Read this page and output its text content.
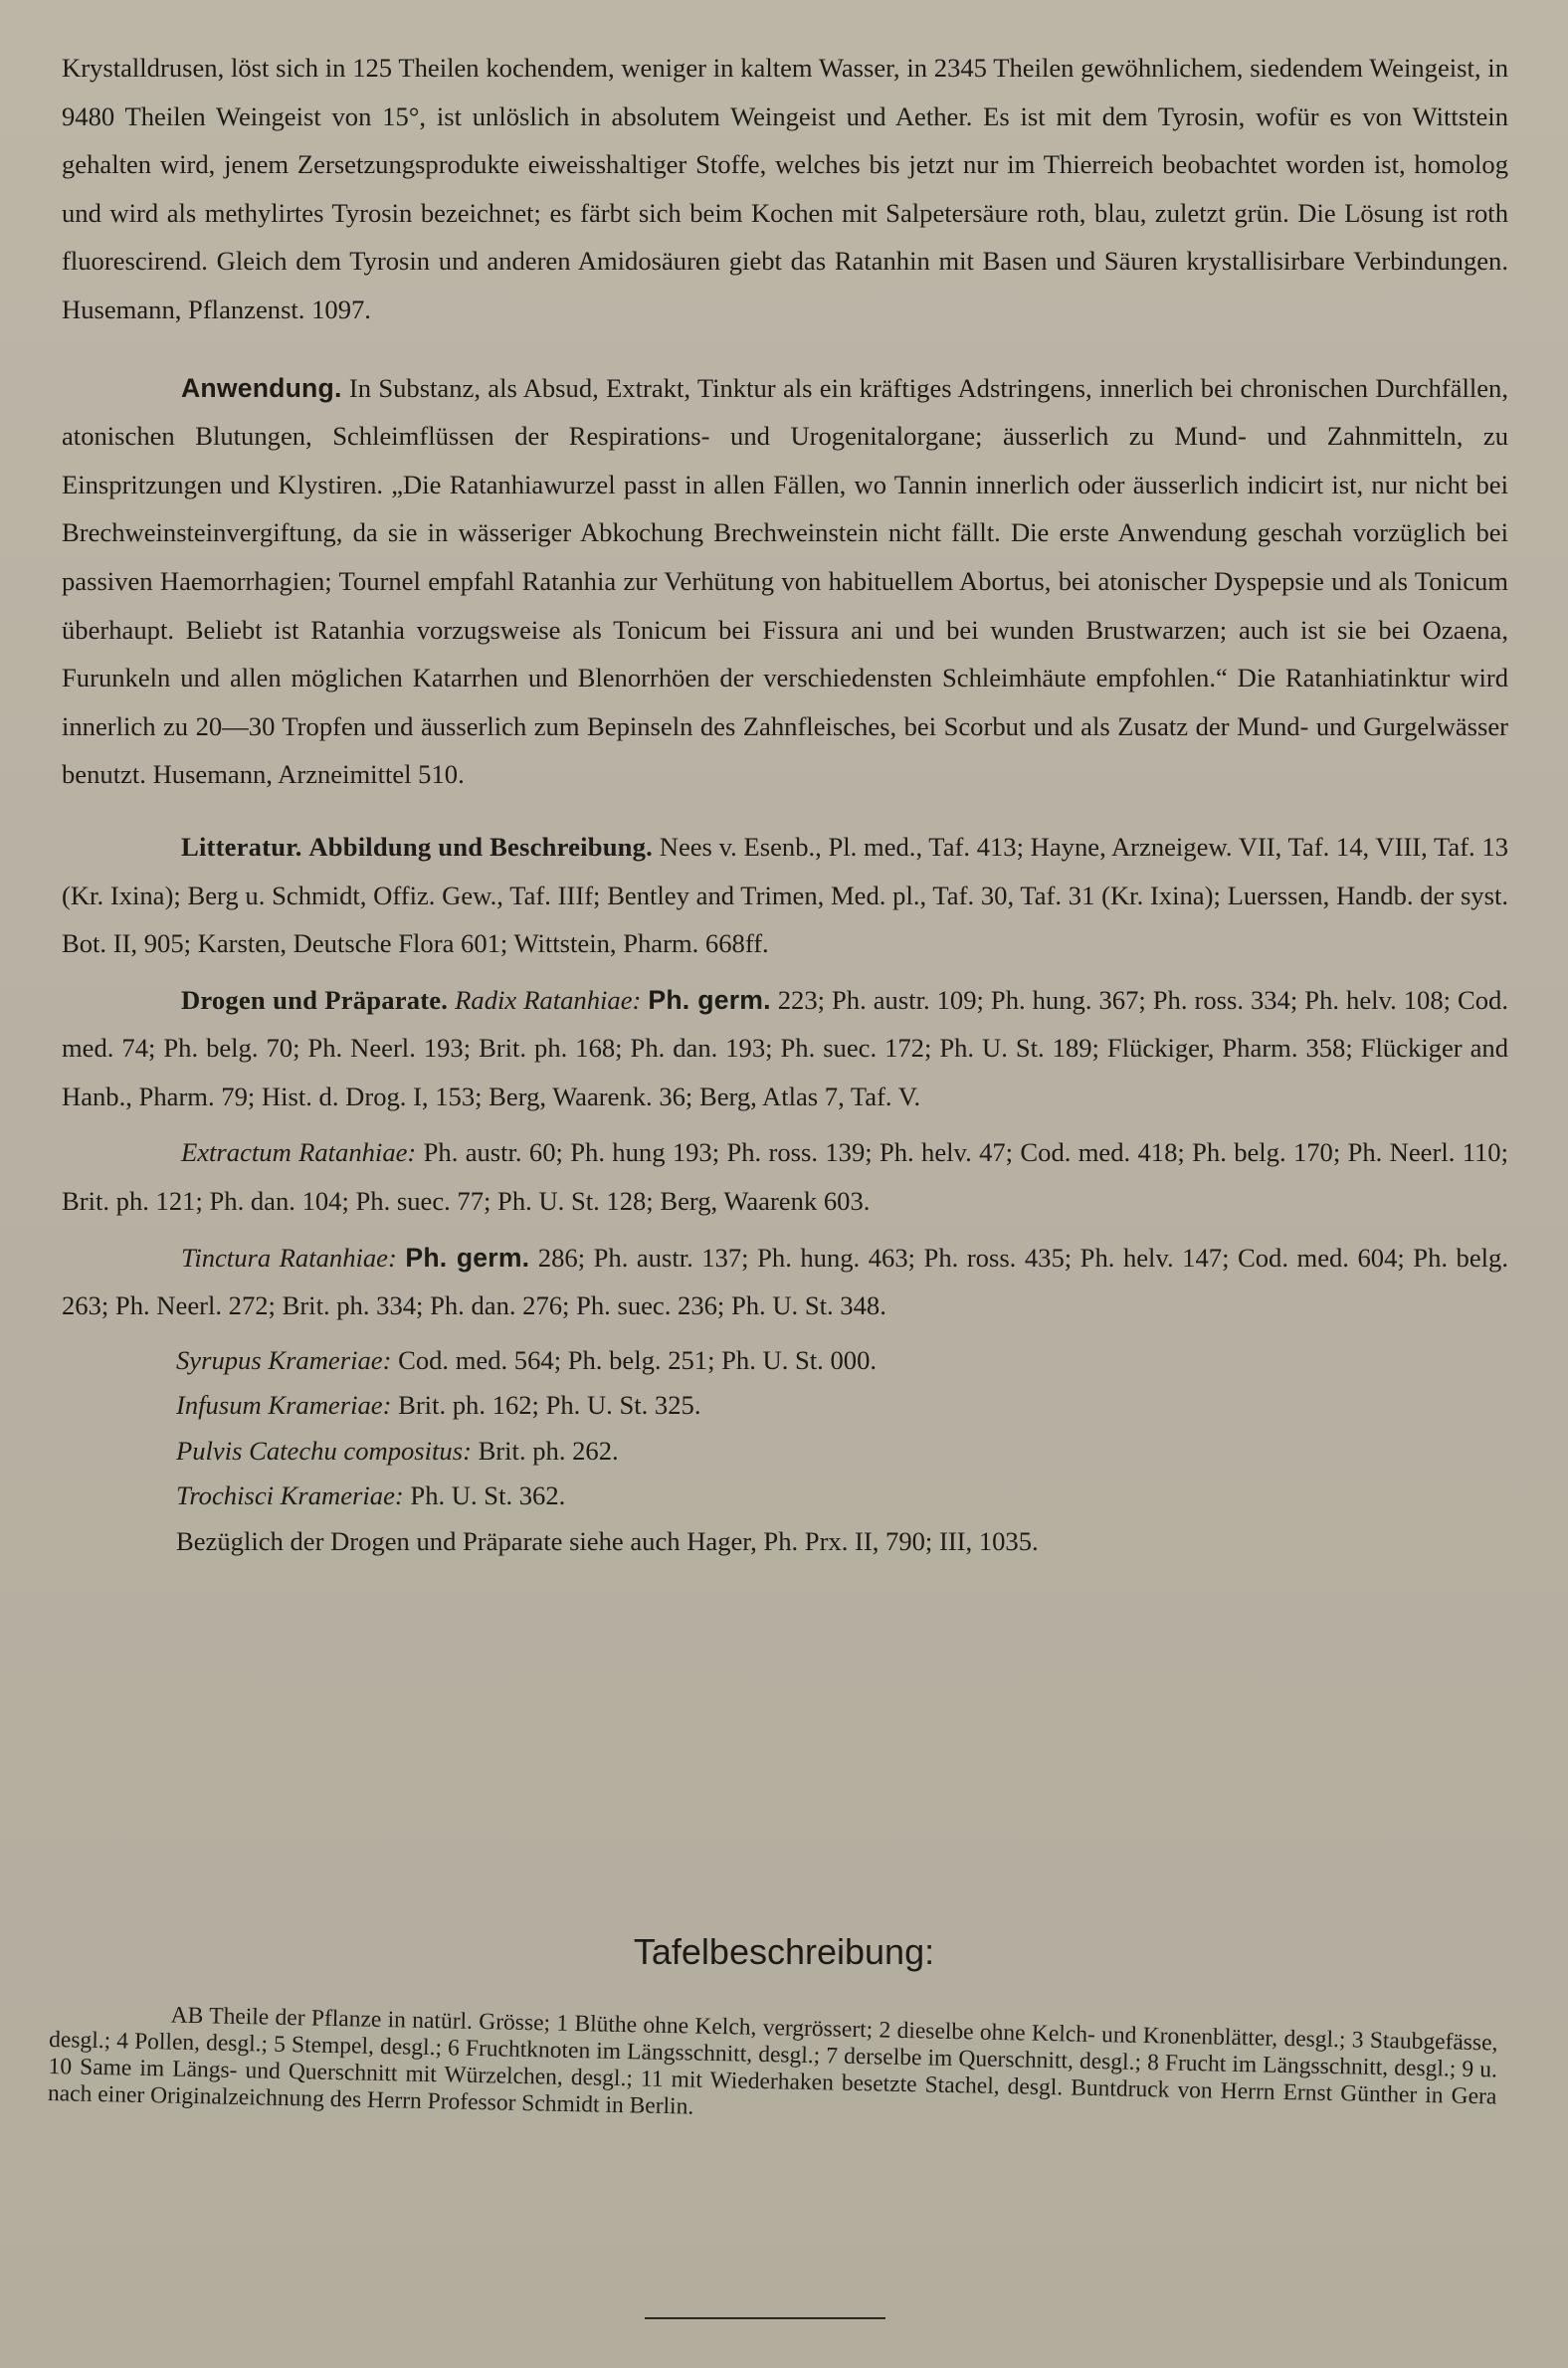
Krystalldrusen, löst sich in 125 Theilen kochendem, weniger in kaltem Wasser, in 2345 Theilen gewöhnlichem, siedendem Weingeist, in 9480 Theilen Weingeist von 15°, ist unlöslich in absolutem Weingeist und Aether. Es ist mit dem Tyrosin, wofür es von Wittstein gehalten wird, jenem Zersetzungsprodukte eiweisshaltiger Stoffe, welches bis jetzt nur im Thierreich beobachtet worden ist, homolog und wird als methylirtes Tyrosin bezeichnet; es färbt sich beim Kochen mit Salpetersäure roth, blau, zuletzt grün. Die Lösung ist roth fluorescirend. Gleich dem Tyrosin und anderen Amidosäuren giebt das Ratanhin mit Basen und Säuren krystallisirbare Verbindungen. Husemann, Pflanzenst. 1097.

Anwendung. In Substanz, als Absud, Extrakt, Tinktur als ein kräftiges Adstringens, innerlich bei chronischen Durchfällen, atonischen Blutungen, Schleimflüssen der Respirations- und Urogenitalorgane; äusserlich zu Mund- und Zahnmitteln, zu Einspritzungen und Klystiren. „Die Ratanhiawurzel passt in allen Fällen, wo Tannin innerlich oder äusserlich indicirt ist, nur nicht bei Brechweinsteinvergiftung, da sie in wässeriger Abkochung Brechweinstein nicht fällt. Die erste Anwendung geschah vorzüglich bei passiven Haemorrhagien; Tournel empfahl Ratanhia zur Verhütung von habituellem Abortus, bei atonischer Dyspepsie und als Tonicum überhaupt. Beliebt ist Ratanhia vorzugsweise als Tonicum bei Fissura ani und bei wunden Brustwarzen; auch ist sie bei Ozaena, Furunkeln und allen möglichen Katarrhen und Blenorrhöen der verschiedensten Schleimhäute empfohlen.“ Die Ratanhiatinktur wird innerlich zu 20—30 Tropfen und äusserlich zum Bepinseln des Zahnfleisches, bei Scorbut und als Zusatz der Mund- und Gurgelwässer benutzt. Husemann, Arzneimittel 510.

Litteratur. Abbildung und Beschreibung. Nees v. Esenb., Pl. med., Taf. 413; Hayne, Arzneigew. VII, Taf. 14, VIII, Taf. 13 (Kr. Ixina); Berg u. Schmidt, Offiz. Gew., Taf. IIIf; Bentley and Trimen, Med. pl., Taf. 30, Taf. 31 (Kr. Ixina); Luerssen, Handb. der syst. Bot. II, 905; Karsten, Deutsche Flora 601; Wittstein, Pharm. 668ff.

Drogen und Präparate. Radix Ratanhiae: Ph. germ. 223; Ph. austr. 109; Ph. hung. 367; Ph. ross. 334; Ph. helv. 108; Cod. med. 74; Ph. belg. 70; Ph. Neerl. 193; Brit. ph. 168; Ph. dan. 193; Ph. suec. 172; Ph. U. St. 189; Flückiger, Pharm. 358; Flückiger and Hanb., Pharm. 79; Hist. d. Drog. I, 153; Berg, Waarenk. 36; Berg, Atlas 7, Taf. V.

Extractum Ratanhiae: Ph. austr. 60; Ph. hung 193; Ph. ross. 139; Ph. helv. 47; Cod. med. 418; Ph. belg. 170; Ph. Neerl. 110; Brit. ph. 121; Ph. dan. 104; Ph. suec. 77; Ph. U. St. 128; Berg, Waarenk 603.

Tinctura Ratanhiae: Ph. germ. 286; Ph. austr. 137; Ph. hung. 463; Ph. ross. 435; Ph. helv. 147; Cod. med. 604; Ph. belg. 263; Ph. Neerl. 272; Brit. ph. 334; Ph. dan. 276; Ph. suec. 236; Ph. U. St. 348.

Syrupus Krameriae: Cod. med. 564; Ph. belg. 251; Ph. U. St. 000.

Infusum Krameriae: Brit. ph. 162; Ph. U. St. 325.

Pulvis Catechu compositus: Brit. ph. 262.

Trochisci Krameriae: Ph. U. St. 362.

Bezüglich der Drogen und Präparate siehe auch Hager, Ph. Prx. II, 790; III, 1035.

Tafelbeschreibung:

AB Theile der Pflanze in natürl. Grösse; 1 Blüthe ohne Kelch, vergrössert; 2 dieselbe ohne Kelch- und Kronenblätter, desgl.; 3 Staubgefässe, desgl.; 4 Pollen, desgl.; 5 Stempel, desgl.; 6 Fruchtknoten im Längsschnitt, desgl.; 7 derselbe im Querschnitt, desgl.; 8 Frucht im Längsschnitt, desgl.; 9 u. 10 Same im Längs- und Querschnitt mit Würzelchen, desgl.; 11 mit Wiederhaken besetzte Stachel, desgl. Buntdruck von Herrn Ernst Günther in Gera nach einer Originalzeichnung des Herrn Professor Schmidt in Berlin.
